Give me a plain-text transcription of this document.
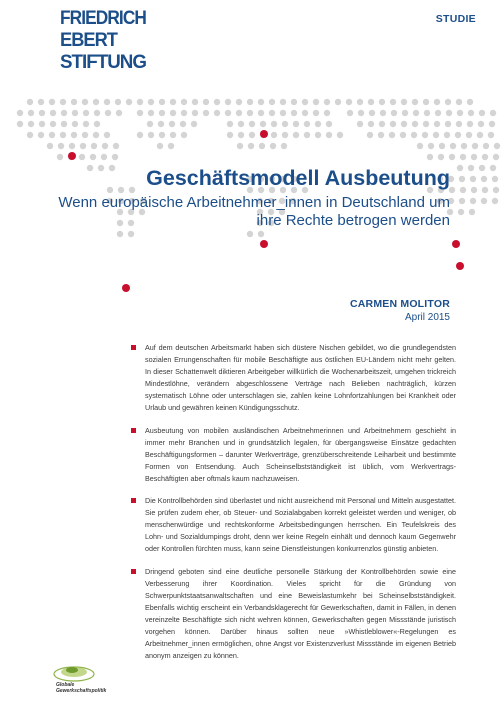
FRIEDRICH
EBERT
STIFTUNG
STUDIE
Geschäftsmodell Ausbeutung
Wenn europäische Arbeitnehmer_innen in Deutschland um ihre Rechte betrogen werden
CARMEN MOLITOR
April 2015

Auf dem deutschen Arbeitsmarkt haben sich düstere Nischen gebildet, wo die grundlegendsten sozialen Errungenschaften für mobile Beschäftigte aus östlichen EU-Ländern nicht mehr gelten. In dieser Schattenwelt diktieren Arbeitgeber willkürlich die Wochenarbeitszeit, umgehen trickreich Mindestlöhne, verändern abgeschlossene Verträge nach Belieben nachträglich, kürzen systematisch Löhne oder unterschlagen sie, zahlen keine Lohnfortzahlungen bei Krankheit oder Urlaub und gewähren keinen Kündigungsschutz.

Ausbeutung von mobilen ausländischen Arbeitnehmerinnen und Arbeitnehmern geschieht in immer mehr Branchen und in grundsätzlich legalen, für übergangsweise Einsätze gedachten Beschäftigungsformen – darunter Werkverträge, grenzüberschreitende Leiharbeit und bestimmte Formen von Entsendung. Auch Scheinselbstständigkeit ist üblich, vom Werkvertrags-Beschäftigten aber oftmals kaum nachzuweisen.

Die Kontrollbehörden sind überlastet und nicht ausreichend mit Personal und Mitteln ausgestattet. Sie prüfen zudem eher, ob Steuer- und Sozialabgaben korrekt geleistet werden und weniger, ob menschenwürdige und rechtskonforme Arbeitsbedingungen herrschen. Ein Teufelskreis des Lohn- und Sozialdumpings droht, denn wer keine Regeln einhält und dennoch kaum Gegenwehr oder Kontrollen fürchten muss, kann seine Dienstleistungen konkurrenzlos günstig anbieten.

Dringend geboten sind eine deutliche personelle Stärkung der Kontrollbehörden sowie eine Verbesserung ihrer Koordination. Vieles spricht für die Gründung von Schwerpunktstaatsanwaltschaften und eine Beweislastumkehr bei Scheinselbstständigkeit. Ebenfalls wichtig erscheint ein Verbandsklagerecht für Gewerkschaften, damit in Fällen, in denen vereinzelte Beschäftigte sich nicht wehren können, Gewerkschaften gegen Missstände juristisch vorgehen können. Darüber hinaus sollten neue »Whistleblower«-Regelungen es Arbeitnehmer_innen ermöglichen, ohne Angst vor Existenzverlust Missstände im eigenen Betrieb anonym anzeigen zu können.

Globale
Gewerkschaftspolitik
